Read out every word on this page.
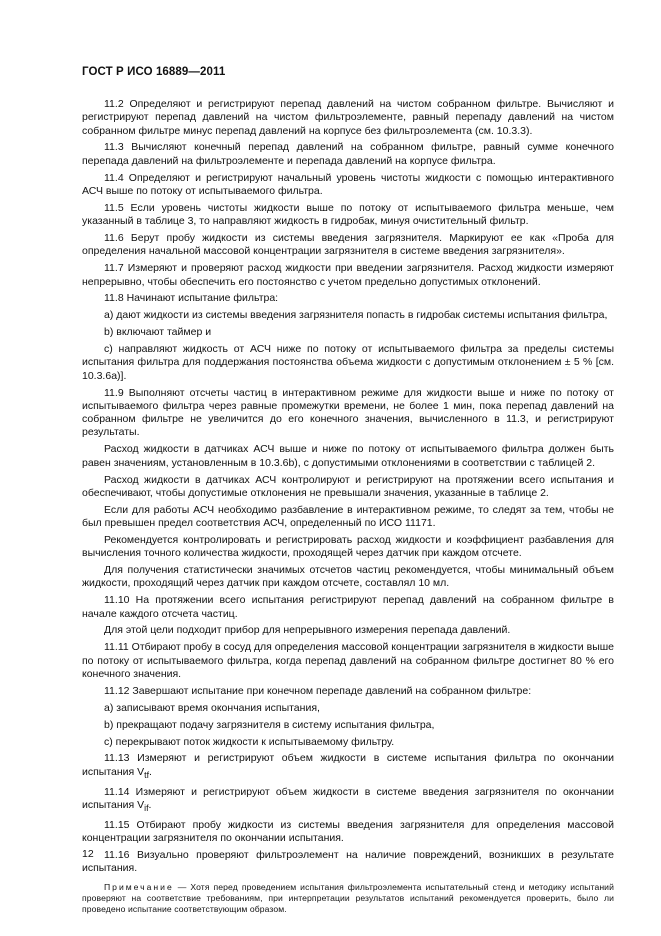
ГОСТ Р ИСО 16889—2011

11.2 Определяют и регистрируют перепад давлений на чистом собранном фильтре. Вычисляют и регистрируют перепад давлений на чистом фильтроэлементе, равный перепаду давлений на чистом собранном фильтре минус перепад давлений на корпусе без фильтроэлемента (см. 10.3.3).

11.3 Вычисляют конечный перепад давлений на собранном фильтре, равный сумме конечного перепада давлений на фильтроэлементе и перепада давлений на корпусе фильтра.

11.4 Определяют и регистрируют начальный уровень чистоты жидкости с помощью интерактивного АСЧ выше по потоку от испытываемого фильтра.

11.5 Если уровень чистоты жидкости выше по потоку от испытываемого фильтра меньше, чем указанный в таблице 3, то направляют жидкость в гидробак, минуя очистительный фильтр.

11.6 Берут пробу жидкости из системы введения загрязнителя. Маркируют ее как «Проба для определения начальной массовой концентрации загрязнителя в системе введения загрязнителя».

11.7 Измеряют и проверяют расход жидкости при введении загрязнителя. Расход жидкости измеряют непрерывно, чтобы обеспечить его постоянство с учетом предельно допустимых отклонений.

11.8 Начинают испытание фильтра:

a) дают жидкости из системы введения загрязнителя попасть в гидробак системы испытания фильтра,

b) включают таймер и

c) направляют жидкость от АСЧ ниже по потоку от испытываемого фильтра за пределы системы испытания фильтра для поддержания постоянства объема жидкости с допустимым отклонением ± 5 % [см. 10.3.6а)].

11.9 Выполняют отсчеты частиц в интерактивном режиме для жидкости выше и ниже по потоку от испытываемого фильтра через равные промежутки времени, не более 1 мин, пока перепад давлений на собранном фильтре не увеличится до его конечного значения, вычисленного в 11.3, и регистрируют результаты.

Расход жидкости в датчиках АСЧ выше и ниже по потоку от испытываемого фильтра должен быть равен значениям, установленным в 10.3.6b), с допустимыми отклонениями в соответствии с таблицей 2.

Расход жидкости в датчиках АСЧ контролируют и регистрируют на протяжении всего испытания и обеспечивают, чтобы допустимые отклонения не превышали значения, указанные в таблице 2.

Если для работы АСЧ необходимо разбавление в интерактивном режиме, то следят за тем, чтобы не был превышен предел соответствия АСЧ, определенный по ИСО 11171.

Рекомендуется контролировать и регистрировать расход жидкости и коэффициент разбавления для вычисления точного количества жидкости, проходящей через датчик при каждом отсчете.

Для получения статистически значимых отсчетов частиц рекомендуется, чтобы минимальный объем жидкости, проходящий через датчик при каждом отсчете, составлял 10 мл.

11.10 На протяжении всего испытания регистрируют перепад давлений на собранном фильтре в начале каждого отсчета частиц.

Для этой цели подходит прибор для непрерывного измерения перепада давлений.

11.11 Отбирают пробу в сосуд для определения массовой концентрации загрязнителя в жидкости выше по потоку от испытываемого фильтра, когда перепад давлений на собранном фильтре достигнет 80 % его конечного значения.

11.12 Завершают испытание при конечном перепаде давлений на собранном фильтре:

a) записывают время окончания испытания,

b) прекращают подачу загрязнителя в систему испытания фильтра,

c) перекрывают поток жидкости к испытываемому фильтру.

11.13 Измеряют и регистрируют объем жидкости в системе испытания фильтра по окончании испытания $V_{tf}$.

11.14 Измеряют и регистрируют объем жидкости в системе введения загрязнителя по окончании испытания $V_{if}$.

11.15 Отбирают пробу жидкости из системы введения загрязнителя для определения массовой концентрации загрязнителя по окончании испытания.

11.16 Визуально проверяют фильтроэлемент на наличие повреждений, возникших в результате испытания.

Примечание — Хотя перед проведением испытания фильтроэлемента испытательный стенд и методику испытаний проверяют на соответствие требованиям, при интерпретации результатов испытаний рекомендуется проверить, было ли проведено испытание соответствующим образом.

12
